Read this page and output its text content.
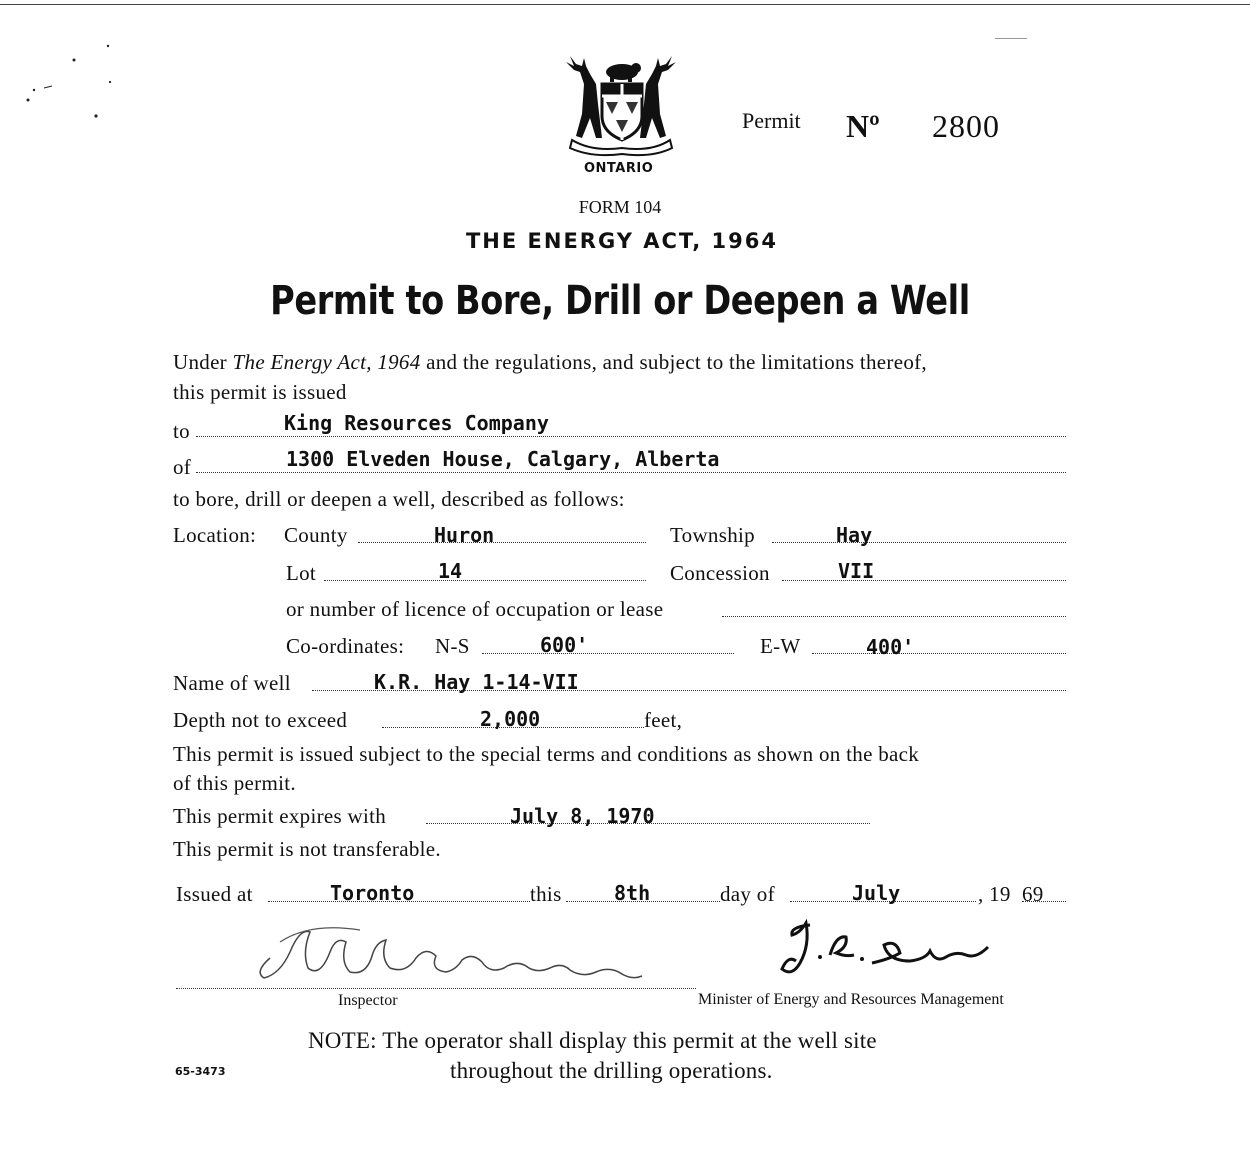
ONTARIO
Permit Nº 2800
FORM 104
THE ENERGY ACT, 1964
Permit to Bore, Drill or Deepen a Well
Under The Energy Act, 1964 and the regulations, and subject to the limitations thereof,
this permit is issued
to	King Resources Company
of	1300 Elveden House, Calgary, Alberta
to bore, drill or deepen a well, described as follows:
Location: County	Huron	Township	Hay
Lot	14	Concession	VII
or number of licence of occupation or lease
Co-ordinates: N-S	600'	E-W	400'
Name of well	K.R. Hay 1-14-VII
Depth not to exceed	2,000	feet,
This permit is issued subject to the special terms and conditions as shown on the back
of this permit.
This permit expires with	July 8, 1970
This permit is not transferable.
Issued at	Toronto	this	8th	day of	July	, 19 69
Inspector	Minister of Energy and Resources Management
NOTE: The operator shall display this permit at the well site
throughout the drilling operations.
65-3473
